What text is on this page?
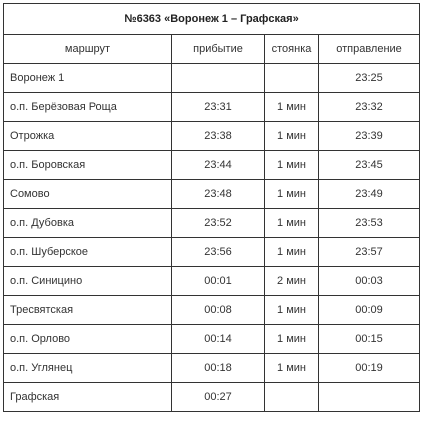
№6363 «Воронеж 1 – Графская»			
маршрут	прибытие	стоянка	отправление
Воронеж 1			23:25
о.п. Берёзовая Роща	23:31	1 мин	23:32
Отрожка	23:38	1 мин	23:39
о.п. Боровская	23:44	1 мин	23:45
Сомово	23:48	1 мин	23:49
о.п. Дубовка	23:52	1 мин	23:53
о.п. Шуберское	23:56	1 мин	23:57
о.п. Синицино	00:01	2 мин	00:03
Тресвятская	00:08	1 мин	00:09
о.п. Орлово	00:14	1 мин	00:15
о.п. Углянец	00:18	1 мин	00:19
Графская	00:27		
